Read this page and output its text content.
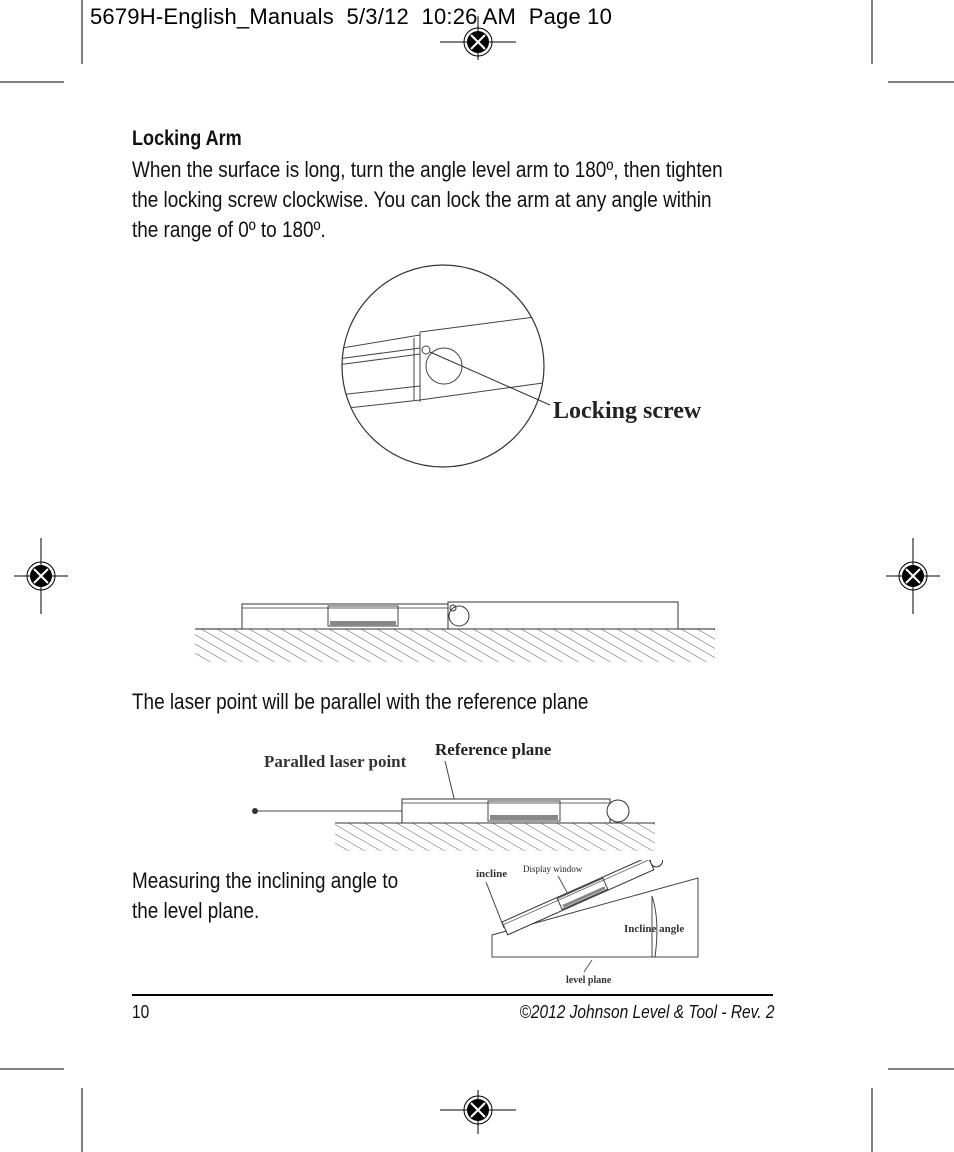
5679H-English_Manuals  5/3/12  10:26 AM  Page 10
Locking Arm
When the surface is long, turn the angle level arm to 180º, then tighten
the locking screw clockwise. You can lock the arm at any angle within
the range of 0º to 180º.
Locking screw
The laser point will be parallel with the reference plane
Paralled laser point
Reference plane
Measuring the inclining angle to
the level plane.
incline Display window
Incline angle
level plane
10	©2012 Johnson Level & Tool - Rev. 2
